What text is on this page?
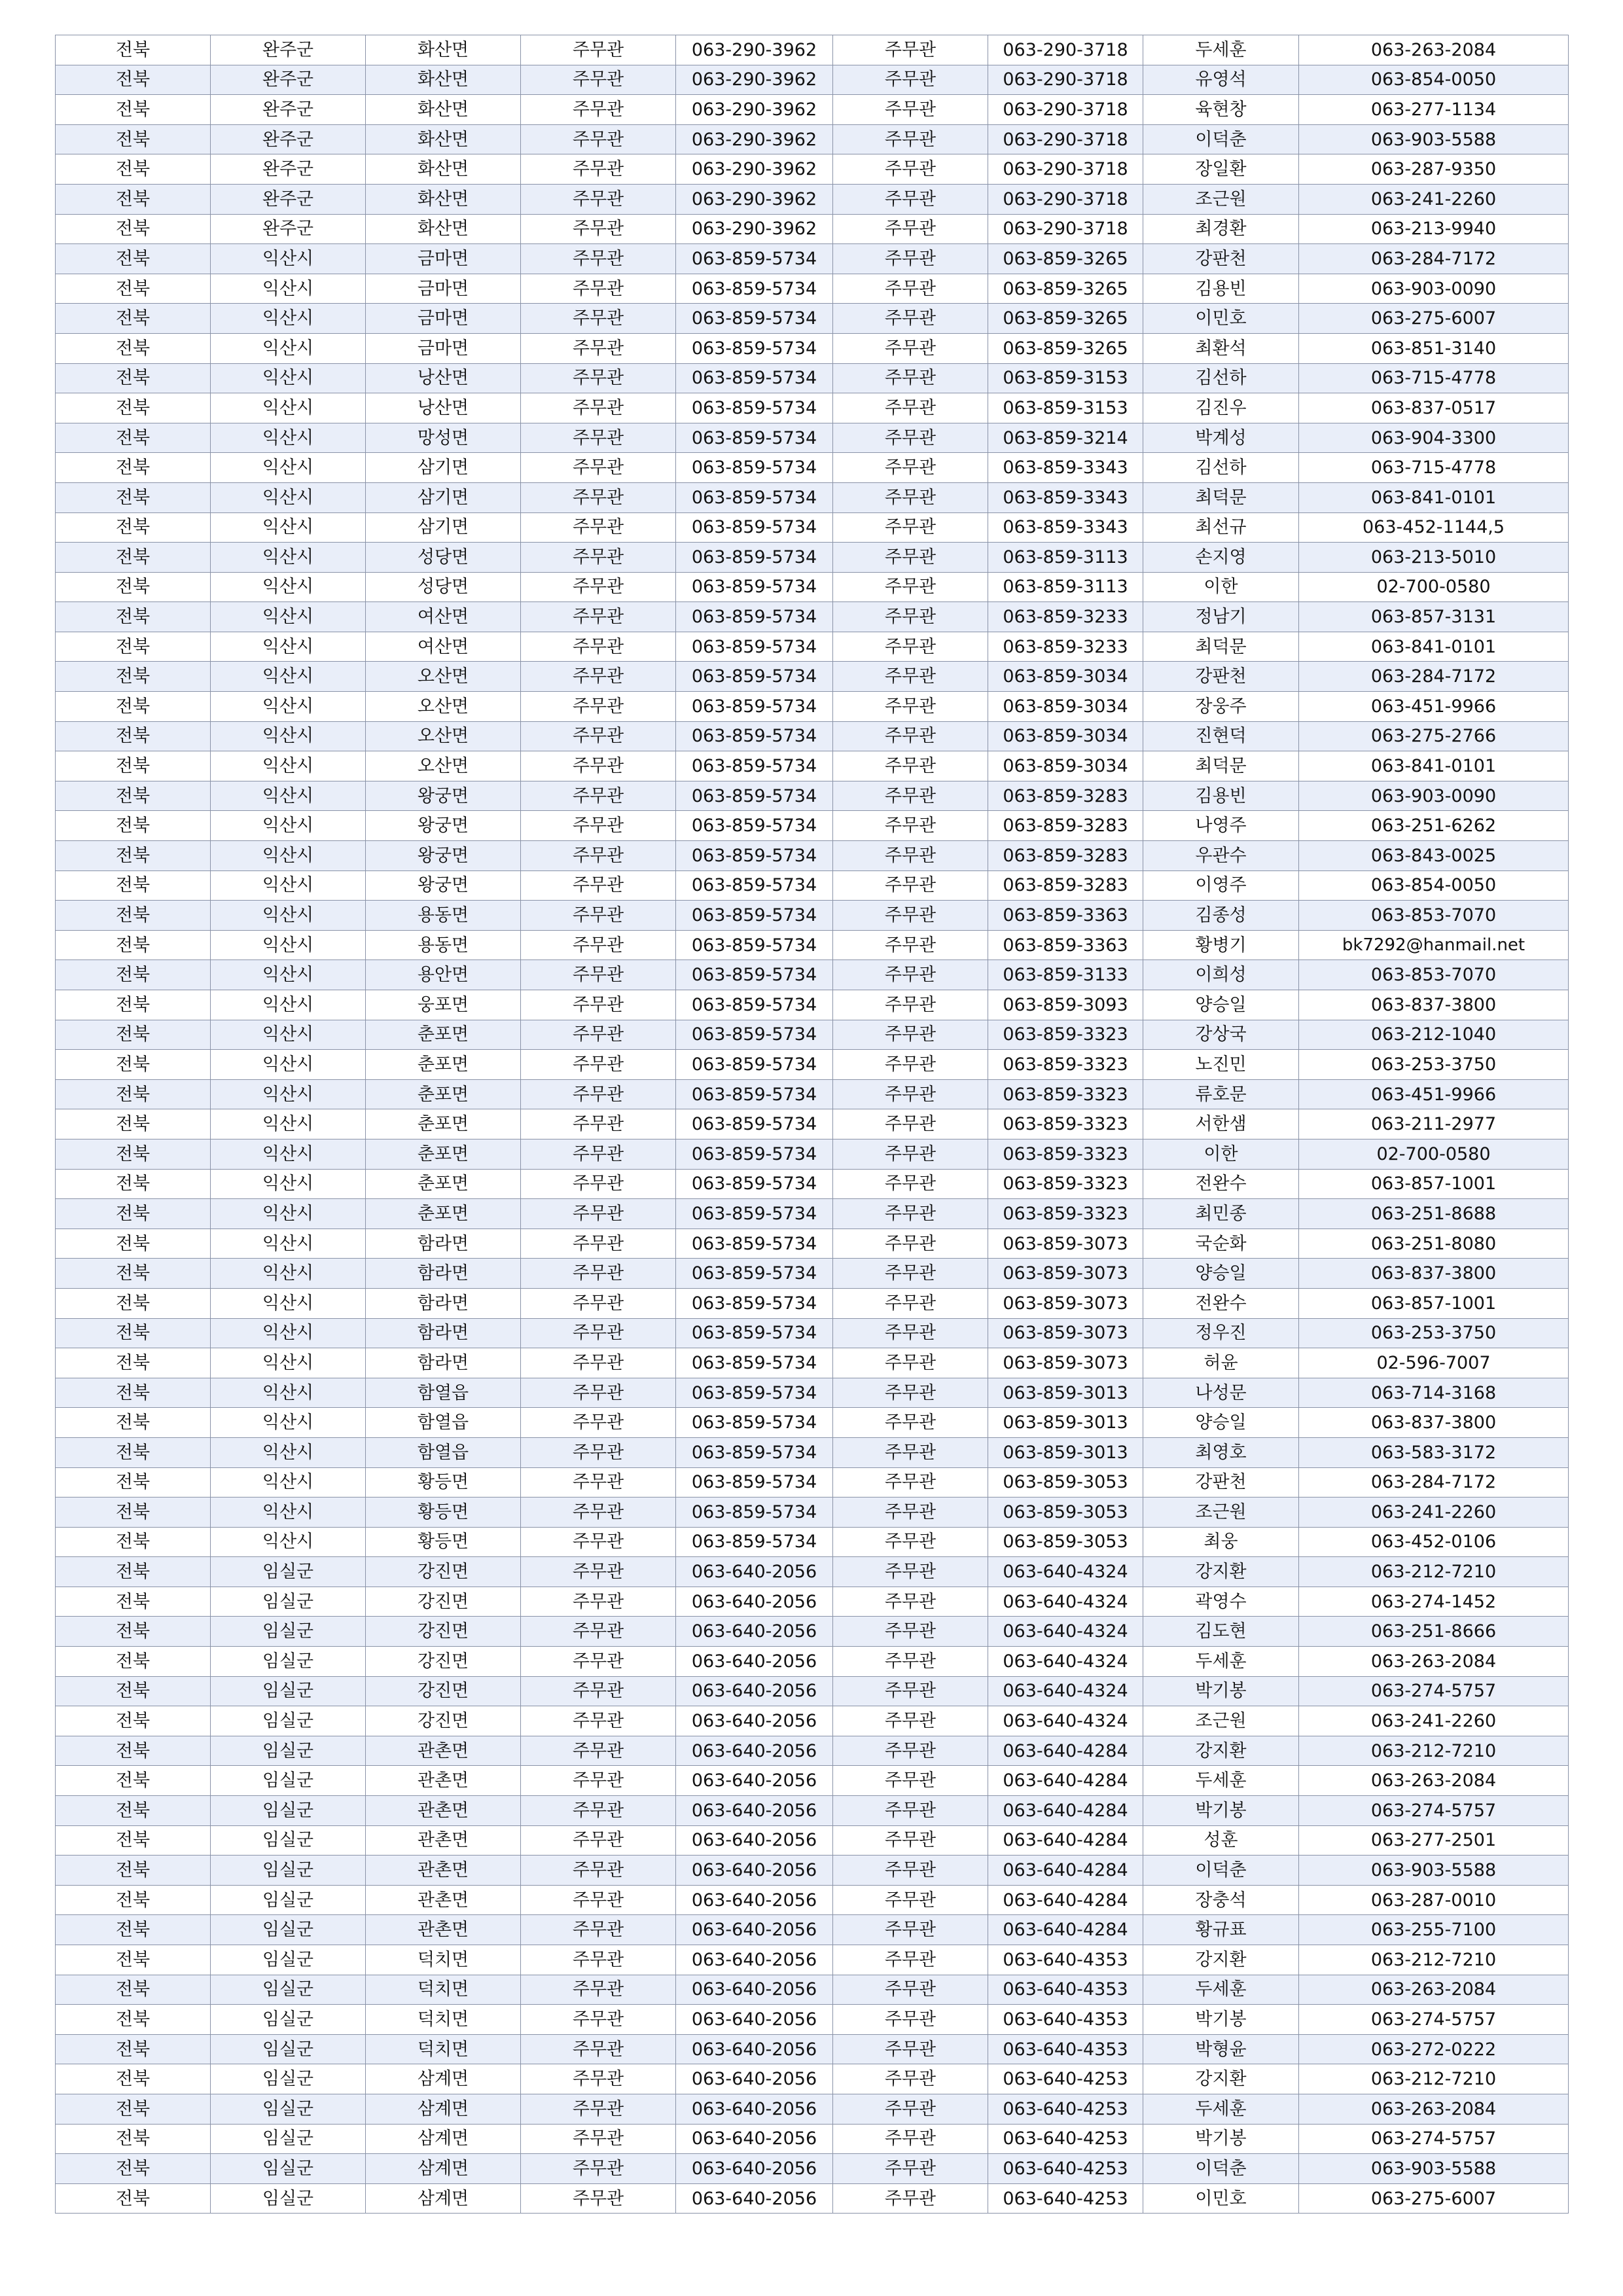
전북	완주군	화산면	주무관	063-290-3962	주무관	063-290-3718	두세훈	063-263-2084
전북	완주군	화산면	주무관	063-290-3962	주무관	063-290-3718	유영석	063-854-0050
전북	완주군	화산면	주무관	063-290-3962	주무관	063-290-3718	육현창	063-277-1134
전북	완주군	화산면	주무관	063-290-3962	주무관	063-290-3718	이덕춘	063-903-5588
전북	완주군	화산면	주무관	063-290-3962	주무관	063-290-3718	장일환	063-287-9350
전북	완주군	화산면	주무관	063-290-3962	주무관	063-290-3718	조근원	063-241-2260
전북	완주군	화산면	주무관	063-290-3962	주무관	063-290-3718	최경환	063-213-9940
전북	익산시	금마면	주무관	063-859-5734	주무관	063-859-3265	강판천	063-284-7172
전북	익산시	금마면	주무관	063-859-5734	주무관	063-859-3265	김용빈	063-903-0090
전북	익산시	금마면	주무관	063-859-5734	주무관	063-859-3265	이민호	063-275-6007
전북	익산시	금마면	주무관	063-859-5734	주무관	063-859-3265	최환석	063-851-3140
전북	익산시	낭산면	주무관	063-859-5734	주무관	063-859-3153	김선하	063-715-4778
전북	익산시	낭산면	주무관	063-859-5734	주무관	063-859-3153	김진우	063-837-0517
전북	익산시	망성면	주무관	063-859-5734	주무관	063-859-3214	박계성	063-904-3300
전북	익산시	삼기면	주무관	063-859-5734	주무관	063-859-3343	김선하	063-715-4778
전북	익산시	삼기면	주무관	063-859-5734	주무관	063-859-3343	최덕문	063-841-0101
전북	익산시	삼기면	주무관	063-859-5734	주무관	063-859-3343	최선규	063-452-1144,5
전북	익산시	성당면	주무관	063-859-5734	주무관	063-859-3113	손지영	063-213-5010
전북	익산시	성당면	주무관	063-859-5734	주무관	063-859-3113	이한	02-700-0580
전북	익산시	여산면	주무관	063-859-5734	주무관	063-859-3233	정남기	063-857-3131
전북	익산시	여산면	주무관	063-859-5734	주무관	063-859-3233	최덕문	063-841-0101
전북	익산시	오산면	주무관	063-859-5734	주무관	063-859-3034	강판천	063-284-7172
전북	익산시	오산면	주무관	063-859-5734	주무관	063-859-3034	장웅주	063-451-9966
전북	익산시	오산면	주무관	063-859-5734	주무관	063-859-3034	진현덕	063-275-2766
전북	익산시	오산면	주무관	063-859-5734	주무관	063-859-3034	최덕문	063-841-0101
전북	익산시	왕궁면	주무관	063-859-5734	주무관	063-859-3283	김용빈	063-903-0090
전북	익산시	왕궁면	주무관	063-859-5734	주무관	063-859-3283	나영주	063-251-6262
전북	익산시	왕궁면	주무관	063-859-5734	주무관	063-859-3283	우관수	063-843-0025
전북	익산시	왕궁면	주무관	063-859-5734	주무관	063-859-3283	이영주	063-854-0050
전북	익산시	용동면	주무관	063-859-5734	주무관	063-859-3363	김종성	063-853-7070
전북	익산시	용동면	주무관	063-859-5734	주무관	063-859-3363	황병기	bk7292@hanmail.net
전북	익산시	용안면	주무관	063-859-5734	주무관	063-859-3133	이희성	063-853-7070
전북	익산시	웅포면	주무관	063-859-5734	주무관	063-859-3093	양승일	063-837-3800
전북	익산시	춘포면	주무관	063-859-5734	주무관	063-859-3323	강상국	063-212-1040
전북	익산시	춘포면	주무관	063-859-5734	주무관	063-859-3323	노진민	063-253-3750
전북	익산시	춘포면	주무관	063-859-5734	주무관	063-859-3323	류호문	063-451-9966
전북	익산시	춘포면	주무관	063-859-5734	주무관	063-859-3323	서한샘	063-211-2977
전북	익산시	춘포면	주무관	063-859-5734	주무관	063-859-3323	이한	02-700-0580
전북	익산시	춘포면	주무관	063-859-5734	주무관	063-859-3323	전완수	063-857-1001
전북	익산시	춘포면	주무관	063-859-5734	주무관	063-859-3323	최민종	063-251-8688
전북	익산시	함라면	주무관	063-859-5734	주무관	063-859-3073	국순화	063-251-8080
전북	익산시	함라면	주무관	063-859-5734	주무관	063-859-3073	양승일	063-837-3800
전북	익산시	함라면	주무관	063-859-5734	주무관	063-859-3073	전완수	063-857-1001
전북	익산시	함라면	주무관	063-859-5734	주무관	063-859-3073	정우진	063-253-3750
전북	익산시	함라면	주무관	063-859-5734	주무관	063-859-3073	허윤	02-596-7007
전북	익산시	함열읍	주무관	063-859-5734	주무관	063-859-3013	나성문	063-714-3168
전북	익산시	함열읍	주무관	063-859-5734	주무관	063-859-3013	양승일	063-837-3800
전북	익산시	함열읍	주무관	063-859-5734	주무관	063-859-3013	최영호	063-583-3172
전북	익산시	황등면	주무관	063-859-5734	주무관	063-859-3053	강판천	063-284-7172
전북	익산시	황등면	주무관	063-859-5734	주무관	063-859-3053	조근원	063-241-2260
전북	익산시	황등면	주무관	063-859-5734	주무관	063-859-3053	최웅	063-452-0106
전북	임실군	강진면	주무관	063-640-2056	주무관	063-640-4324	강지환	063-212-7210
전북	임실군	강진면	주무관	063-640-2056	주무관	063-640-4324	곽영수	063-274-1452
전북	임실군	강진면	주무관	063-640-2056	주무관	063-640-4324	김도현	063-251-8666
전북	임실군	강진면	주무관	063-640-2056	주무관	063-640-4324	두세훈	063-263-2084
전북	임실군	강진면	주무관	063-640-2056	주무관	063-640-4324	박기봉	063-274-5757
전북	임실군	강진면	주무관	063-640-2056	주무관	063-640-4324	조근원	063-241-2260
전북	임실군	관촌면	주무관	063-640-2056	주무관	063-640-4284	강지환	063-212-7210
전북	임실군	관촌면	주무관	063-640-2056	주무관	063-640-4284	두세훈	063-263-2084
전북	임실군	관촌면	주무관	063-640-2056	주무관	063-640-4284	박기봉	063-274-5757
전북	임실군	관촌면	주무관	063-640-2056	주무관	063-640-4284	성훈	063-277-2501
전북	임실군	관촌면	주무관	063-640-2056	주무관	063-640-4284	이덕춘	063-903-5588
전북	임실군	관촌면	주무관	063-640-2056	주무관	063-640-4284	장충석	063-287-0010
전북	임실군	관촌면	주무관	063-640-2056	주무관	063-640-4284	황규표	063-255-7100
전북	임실군	덕치면	주무관	063-640-2056	주무관	063-640-4353	강지환	063-212-7210
전북	임실군	덕치면	주무관	063-640-2056	주무관	063-640-4353	두세훈	063-263-2084
전북	임실군	덕치면	주무관	063-640-2056	주무관	063-640-4353	박기봉	063-274-5757
전북	임실군	덕치면	주무관	063-640-2056	주무관	063-640-4353	박형윤	063-272-0222
전북	임실군	삼계면	주무관	063-640-2056	주무관	063-640-4253	강지환	063-212-7210
전북	임실군	삼계면	주무관	063-640-2056	주무관	063-640-4253	두세훈	063-263-2084
전북	임실군	삼계면	주무관	063-640-2056	주무관	063-640-4253	박기봉	063-274-5757
전북	임실군	삼계면	주무관	063-640-2056	주무관	063-640-4253	이덕춘	063-903-5588
전북	임실군	삼계면	주무관	063-640-2056	주무관	063-640-4253	이민호	063-275-6007
